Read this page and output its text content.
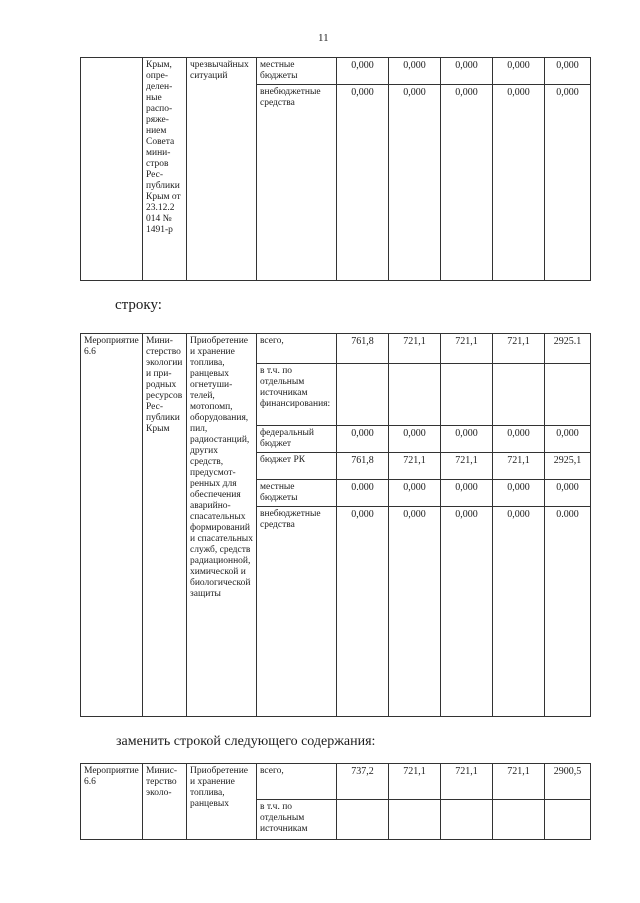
11
	Крым, определенные распоряжением Совета министров Республики Крым от 23.12.2 014 № 1491-р	чрезвычайных ситуаций	местные бюджеты	0,000	0,000	0,000	0,000	0,000
			внебюджетные средства	0,000	0,000	0,000	0,000	0,000
строку:
Мероприятие 6.6	Министерство экологии и природных ресурсов Республики Крым	Приобретение и хранение топлива, ранцевых огнетушителей, мотопомп, оборудования, пил, радиостанций, других средств, предусмотренных для обеспечения аварийно-спасательных формирований и спасательных служб, средств радиационной, химической и биологической защиты	всего,	761,8	721,1	721,1	721,1	2925.1
			в т.ч. по отдельным источникам финансирования:					
			федеральный бюджет	0,000	0,000	0,000	0,000	0,000
			бюджет РК	761,8	721,1	721,1	721,1	2925,1
			местные бюджеты	0.000	0,000	0,000	0,000	0,000
			внебюджетные средства	0,000	0,000	0,000	0,000	0.000
заменить строкой следующего содержания:
Мероприятие 6.6	Министерство эколо-	Приобретение и хранение топлива, ранцевых	всего,	737,2	721,1	721,1	721,1	2900,5
			в т.ч. по отдельным источникам					
